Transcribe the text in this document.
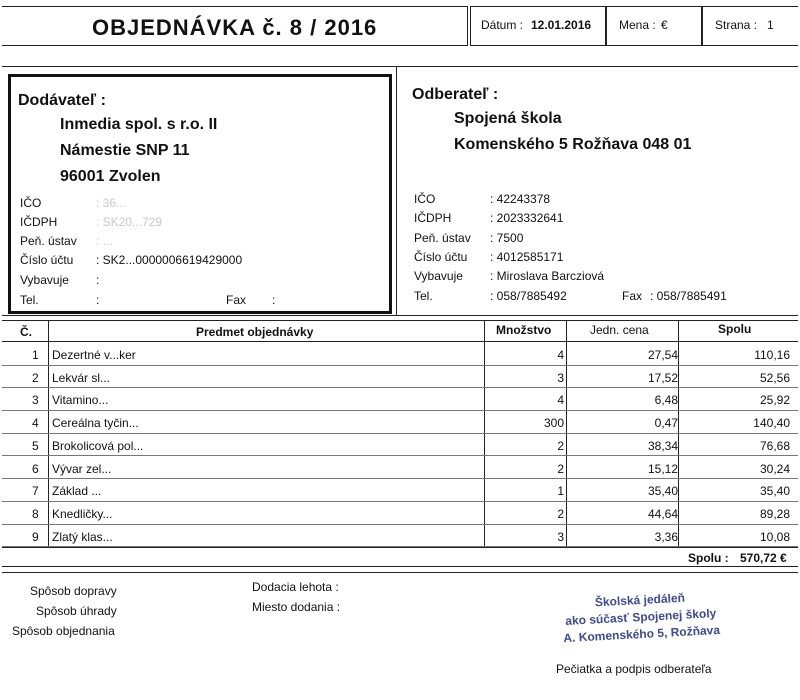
OBJEDNÁVKA č. 8 / 2016	Dátum : 12.01.2016 Mena : €	Strana : 1
Dodávateľ :
Inmedia spol. s r.o. II
Námestie SNP 11
96001 Zvolen
IČO	: 36...
IČDPH	: SK20...729
Peň. ústav : ...
Číslo účtu : SK2...0000006619429000
Vybavuje :
Tel.	:	Fax :
Odberateľ :
Spojená škola
Komenského 5 Rožňava 048 01
IČO	: 42243378
IČDPH	: 2023332641
Peň. ústav : 7500
Číslo účtu : 4012585171
Vybavuje : Miroslava Barcziová
Tel.	: 058/7885492	Fax : 058/7885491
Č.	Predmet objednávky	Množstvo	Jedn. cena	Spolu
1 Dezertné v...ker	4	27,54	110,16
2 Lekvár sl...	3	17,52	52,56
3 Vitamino...	4	6,48	25,92
4 Cereálna tyčin...	300	0,47	140,40
5 Brokolicová pol...	2	38,34	76,68
6 Vývar zel...	2	15,12	30,24
7 Základ ...	1	35,40	35,40
8 Knedličky...	2	44,64	89,28
9 Zlatý klas...	3	3,36	10,08
Spolu : 570,72 €
Spôsob dopravy
Spôsob úhrady
Spôsob objednania
Dodacia lehota :
Miesto dodania :	Školská jedáleň
ako súčasť Spojenej školy
A. Komenského 5, Rožňava
Pečiatka a podpis odberateľa
